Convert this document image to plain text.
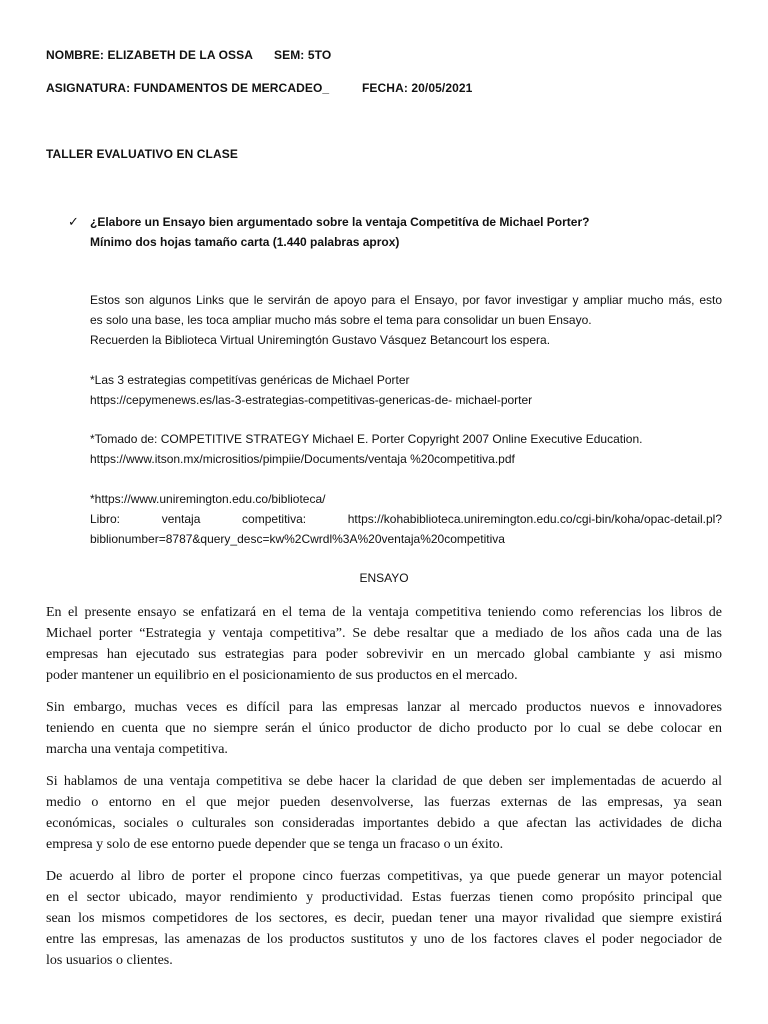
NOMBRE: ELIZABETH DE LA OSSA SEM: 5TO
ASIGNATURA: FUNDAMENTOS DE MERCADEO_	FECHA: 20/05/2021
TALLER EVALUATIVO EN CLASE
✓ ¿Elabore un Ensayo bien argumentado sobre la ventaja Competitíva de Michael Porter?
Mínimo dos hojas tamaño carta (1.440 palabras aprox)
Estos son algunos Links que le servirán de apoyo para el Ensayo, por favor investigar y ampliar mucho más, esto
es solo una base, les toca ampliar mucho más sobre el tema para consolidar un buen Ensayo.
Recuerden la Biblioteca Virtual Uniremingtón Gustavo Vásquez Betancourt los espera.
*Las 3 estrategias competitívas genéricas de Michael Porter
https://cepymenews.es/las-3-estrategias-competitivas-genericas-de- michael-porter
*Tomado de: COMPETITIVE STRATEGY Michael E. Porter Copyright 2007 Online Executive Education.
https://www.itson.mx/micrositios/pimpiie/Documents/ventaja %20competitiva.pdf
*https://www.uniremington.edu.co/biblioteca/
Libro: ventaja competitiva: https://kohabiblioteca.uniremington.edu.co/cgi-bin/koha/opac-detail.pl?
biblionumber=8787&query_desc=kw%2Cwrdl%3A%20ventaja%20competitiva
ENSAYO
En el presente ensayo se enfatizará en el tema de la ventaja competitiva teniendo como referencias los libros de
Michael porter “Estrategia y ventaja competitiva”. Se debe resaltar que a mediado de los años cada una de las
empresas han ejecutado sus estrategias para poder sobrevivir en un mercado global cambiante y asi mismo
poder mantener un equilibrio en el posicionamiento de sus productos en el mercado.
Sin embargo, muchas veces es difícil para las empresas lanzar al mercado productos nuevos e innovadores
teniendo en cuenta que no siempre serán el único productor de dicho producto por lo cual se debe colocar en
marcha una ventaja competitiva.
Si hablamos de una ventaja competitiva se debe hacer la claridad de que deben ser implementadas de acuerdo al
medio o entorno en el que mejor pueden desenvolverse, las fuerzas externas de las empresas, ya sean
económicas, sociales o culturales son consideradas importantes debido a que afectan las actividades de dicha
empresa y solo de ese entorno puede depender que se tenga un fracaso o un éxito.
De acuerdo al libro de porter el propone cinco fuerzas competitivas, ya que puede generar un mayor potencial
en el sector ubicado, mayor rendimiento y productividad. Estas fuerzas tienen como propósito principal que
sean los mismos competidores de los sectores, es decir, puedan tener una mayor rivalidad que siempre existirá
entre las empresas, las amenazas de los productos sustitutos y uno de los factores claves el poder negociador de
los usuarios o clientes.
